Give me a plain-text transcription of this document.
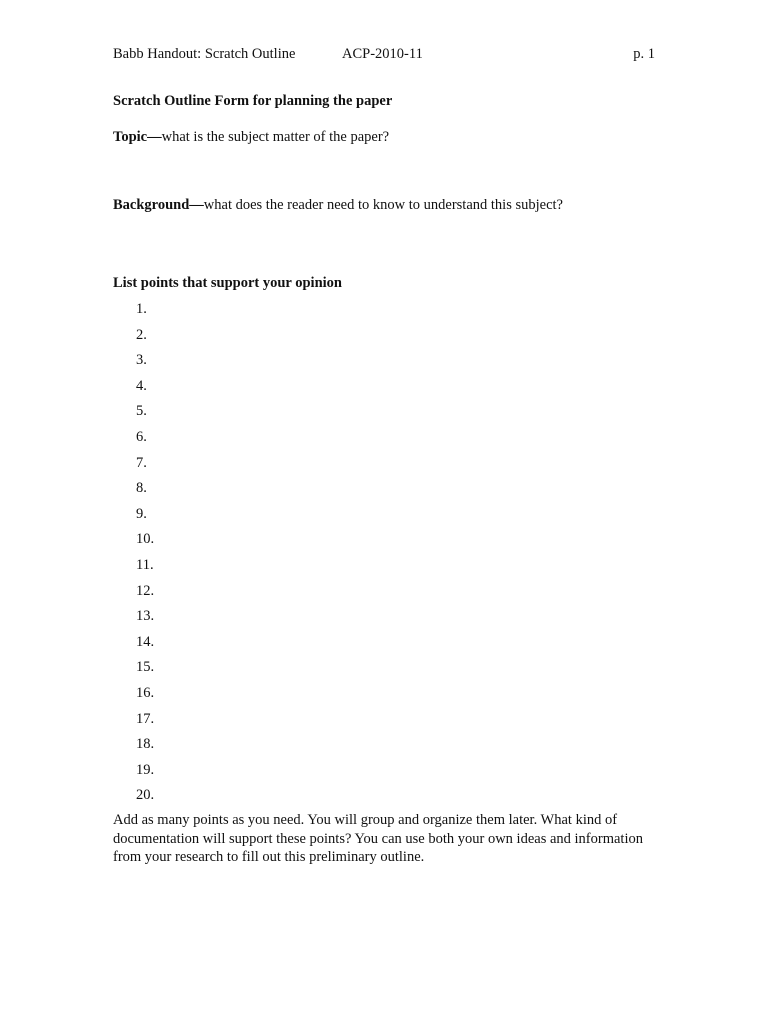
Babb Handout: Scratch Outline	ACP-2010-11	p. 1
Scratch Outline Form for planning the paper
Topic—what is the subject matter of the paper?
Background—what does the reader need to know to understand this subject?
List points that support your opinion
1.
2.
3.
4.
5.
6.
7.
8.
9.
10.
11.
12.
13.
14.
15.
16.
17.
18.
19.
20.
Add as many points as you need. You will group and organize them later. What kind of documentation will support these points? You can use both your own ideas and information from your research to fill out this preliminary outline.
